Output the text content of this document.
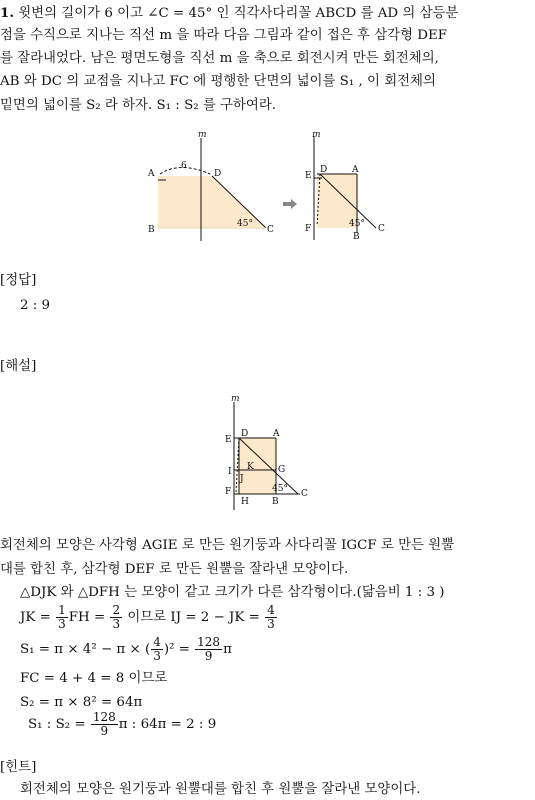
1. 윗변의 길이가 6 이고 ∠C = 45° 인 직각사다리꼴 ABCD 를 AD 의 삼등분
점을 수직으로 지나는 직선 m 을 따라 다음 그림과 같이 접은 후 삼각형 DEF
를 잘라내었다. 남은 평면도형을 직선 m 을 축으로 회전시켜 만든 회전체의,
AB 와 DC 의 교점을 지나고 FC 에 평행한 단면의 넓이를 S₁ , 이 회전체의
밑면의 넓이를 S₂ 라 하자. S₁ : S₂ 를 구하여라.
m
A	D
B	C
6
45°
m
E
D	A
F
B
C
45°
[정답]
2 : 9
[해설]
m
E
D	A
K	G
I
J
F
H	B
C
45°
회전체의 모양은 사각형 AGIE 로 만든 원기둥과 사다리꼴 IGCF 로 만든 원뿔
대를 합친 후, 삼각형 DEF 로 만든 원뿔을 잘라낸 모양이다.
△DJK 와 △DFH 는 모양이 같고 크기가 다른 삼각형이다.(닮음비 1 : 3 )
JK = $\frac{1}{3}$ FH = $\frac{2}{3}$ 이므로 IJ = 2 − JK = $\frac{4}{3}$
S₁ = π × 4² − π × ( $\frac{4}{3} )^2 = \frac{128}{9}$ π
FC = 4 + 4 = 8 이므로
S₂ = π × 8² = 64π
S₁ : $S_2 = \frac{128}{9}$ π : 64π = 2 : 9
[힌트]
회전체의 모양은 원기둥과 원뿔대를 합친 후 원뿔을 잘라낸 모양이다.
